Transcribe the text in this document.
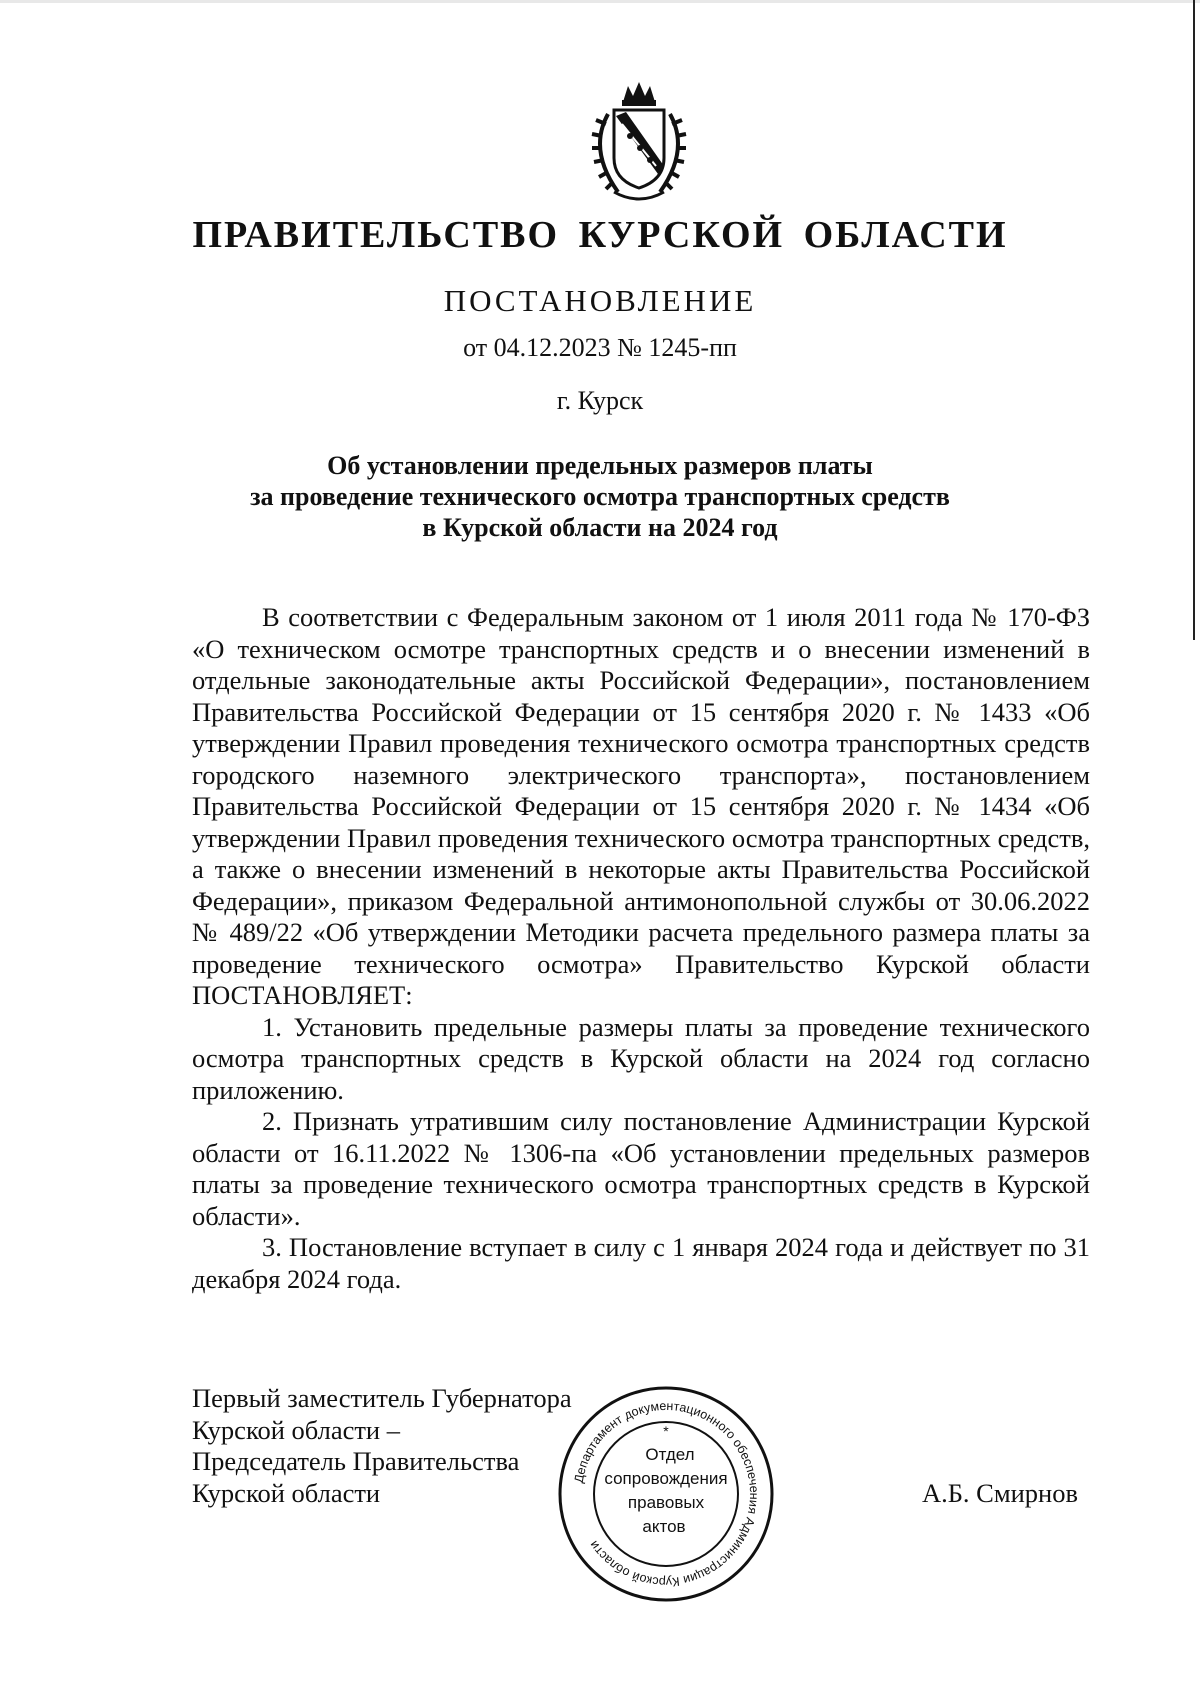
ПРАВИТЕЛЬСТВО КУРСКОЙ ОБЛАСТИ
ПОСТАНОВЛЕНИЕ
от 04.12.2023 № 1245-пп
г. Курск
Об установлении предельных размеров платы
за проведение технического осмотра транспортных средств
в Курской области на 2024 год

В соответствии с Федеральным законом от 1 июля 2011 года № 170-ФЗ «О техническом осмотре транспортных средств и о внесении изменений в отдельные законодательные акты Российской Федерации», постановлением Правительства Российской Федерации от 15 сентября 2020 г. № 1433 «Об утверждении Правил проведения технического осмотра транспортных средств городского наземного электрического транспорта», постановлением Правительства Российской Федерации от 15 сентября 2020 г. № 1434 «Об утверждении Правил проведения технического осмотра транспортных средств, а также о внесении изменений в некоторые акты Правительства Российской Федерации», приказом Федеральной антимонопольной службы от 30.06.2022 № 489/22 «Об утверждении Методики расчета предельного размера платы за проведение технического осмотра» Правительство Курской области ПОСТАНОВЛЯЕТ:

1. Установить предельные размеры платы за проведение технического осмотра транспортных средств в Курской области на 2024 год согласно приложению.

2. Признать утратившим силу постановление Администрации Курской области от 16.11.2022 № 1306-па «Об установлении предельных размеров платы за проведение технического осмотра транспортных средств в Курской области».

3. Постановление вступает в силу с 1 января 2024 года и действует по 31 декабря 2024 года.

Первый заместитель Губернатора
Курской области –
Председатель Правительства
Курской области	Департамент документационного обеспечения Администрации Курской области
*
Отдел
сопровождения
правовых
актов
А.Б. Смирнов
